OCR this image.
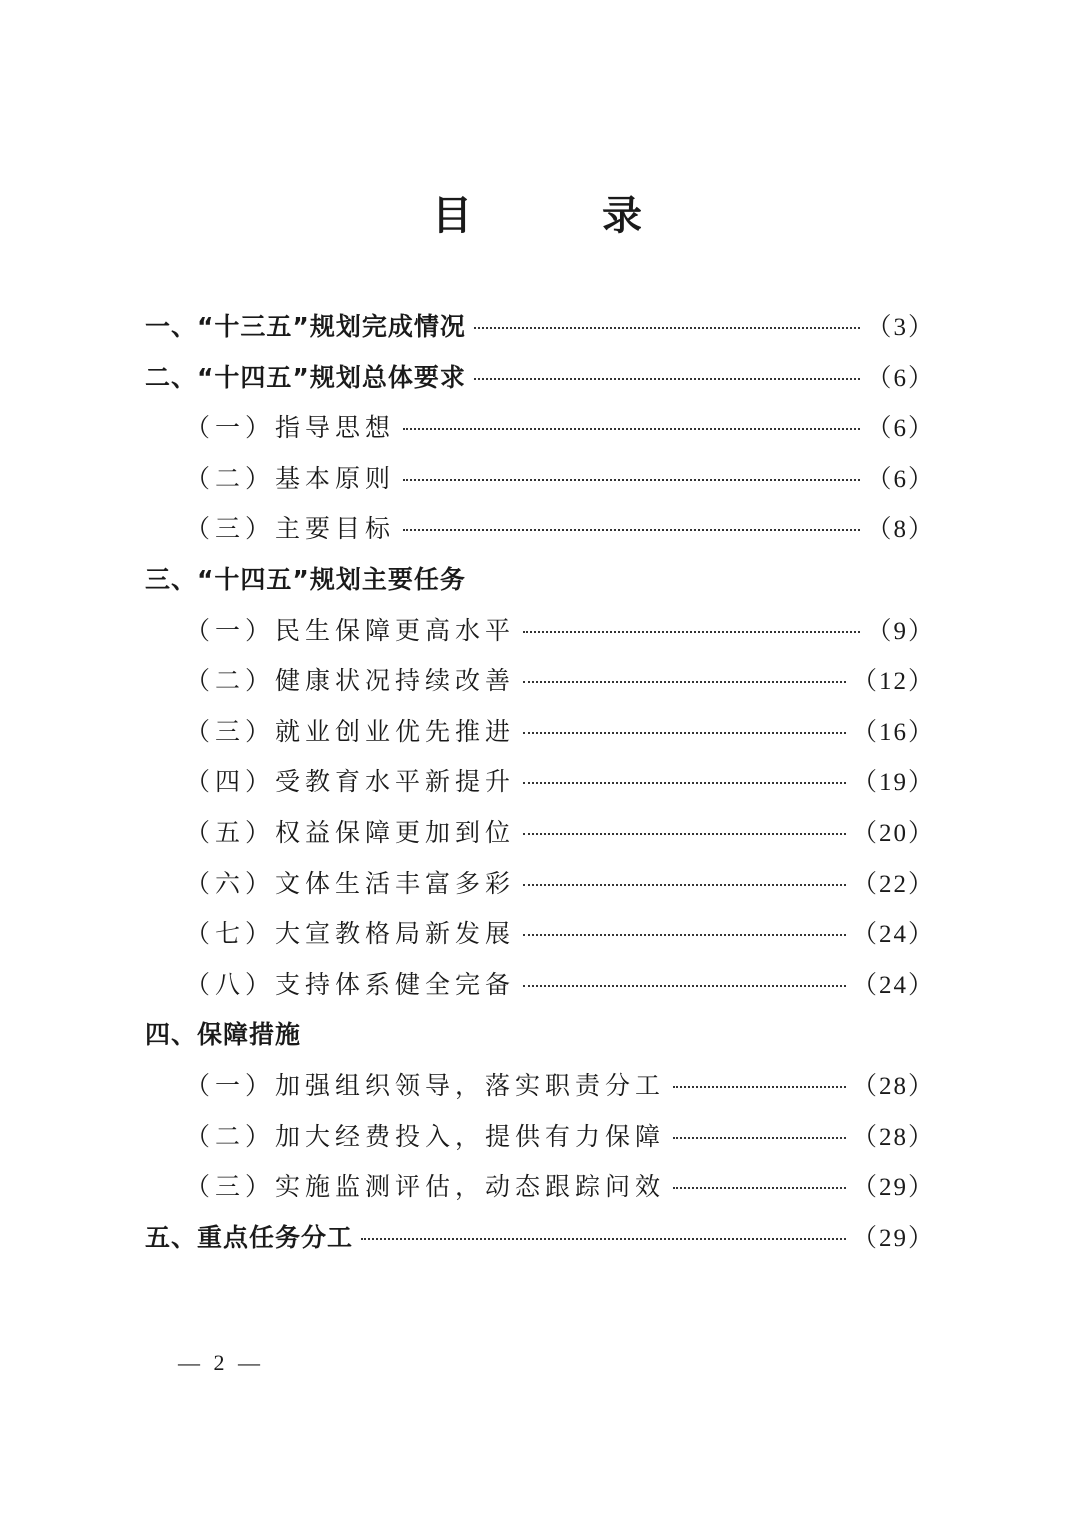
目 录
一、“十三五”规划完成情况	（3）
二、“十四五”规划总体要求	（6）
（一）指导思想	（6）
（二）基本原则	（6）
（三）主要目标	（8）
三、“十四五”规划主要任务
（一）民生保障更高水平	（9）
（二）健康状况持续改善	（12）
（三）就业创业优先推进	（16）
（四）受教育水平新提升	（19）
（五）权益保障更加到位	（20）
（六）文体生活丰富多彩	（22）
（七）大宣教格局新发展	（24）
（八）支持体系健全完备	（24）
四、保障措施
（一）加强组织领导，落实职责分工	（28）
（二）加大经费投入，提供有力保障	（28）
（三）实施监测评估，动态跟踪问效	（29）
五、重点任务分工	（29）
— 2 —
